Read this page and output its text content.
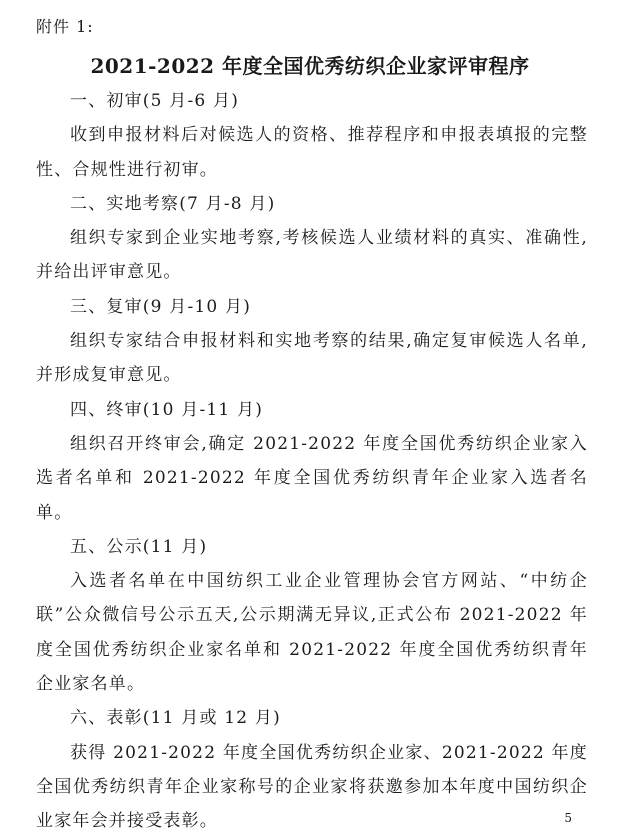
附件 1:
2021-2022 年度全国优秀纺织企业家评审程序

一、初审(5 月-6 月)

收到申报材料后对候选人的资格、推荐程序和申报表填报的完整性、合规性进行初审。

二、实地考察(7 月-8 月)

组织专家到企业实地考察,考核候选人业绩材料的真实、准确性,并给出评审意见。

三、复审(9 月-10 月)

组织专家结合申报材料和实地考察的结果,确定复审候选人名单,并形成复审意见。

四、终审(10 月-11 月)

组织召开终审会,确定 2021-2022 年度全国优秀纺织企业家入选者名单和 2021-2022 年度全国优秀纺织青年企业家入选者名单。

五、公示(11 月)

入选者名单在中国纺织工业企业管理协会官方网站、“中纺企联”公众微信号公示五天,公示期满无异议,正式公布 2021-2022 年度全国优秀纺织企业家名单和 2021-2022 年度全国优秀纺织青年企业家名单。

六、表彰(11 月或 12 月)

获得 2021-2022 年度全国优秀纺织企业家、2021-2022 年度全国优秀纺织青年企业家称号的企业家将获邀参加本年度中国纺织企业家年会并接受表彰。	5
